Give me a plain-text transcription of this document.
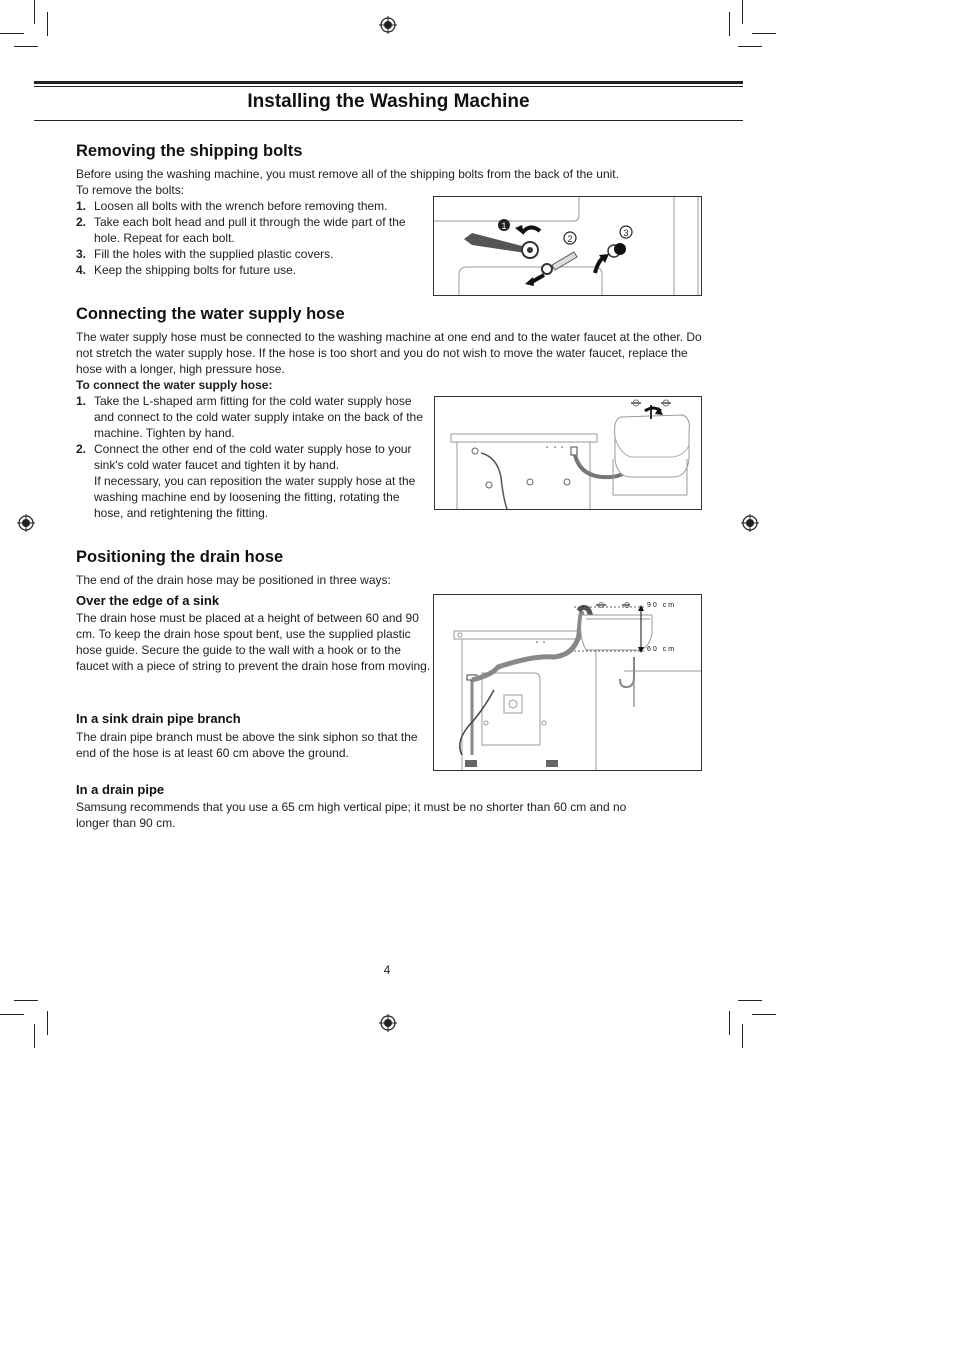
Installing the Washing Machine
Removing the shipping bolts

Before using the washing machine, you must remove all of the shipping bolts from the back of the unit.

To remove the bolts:

1. Loosen all bolts with the wrench before removing them.
2. Take each bolt head and pull it through the wide part of the hole. Repeat for each bolt.
3. Fill the holes with the supplied plastic covers.
4. Keep the shipping bolts for future use.
1
2
3
Connecting the water supply hose

The water supply hose must be connected to the washing machine at one end and to the water faucet at the other. Do not stretch the water supply hose. If the hose is too short and you do not wish to move the water faucet, replace the hose with a longer, high pressure hose.

To connect the water supply hose:

1. Take the L-shaped arm fitting for the cold water supply hose and connect to the cold water supply intake on the back of the machine. Tighten by hand.
2. Connect the other end of the cold water supply hose to your sink's cold water faucet and tighten it by hand.
If necessary, you can reposition the water supply hose at the washing machine end by loosening the fitting, rotating the hose, and retightening the fitting.
Positioning the drain hose

The end of the drain hose may be positioned in three ways:

Over the edge of a sink

The drain hose must be placed at a height of between 60 and 90 cm. To keep the drain hose spout bent, use the supplied plastic hose guide. Secure the guide to the wall with a hook or to the faucet with a piece of string to prevent the drain hose from moving.

In a sink drain pipe branch

The drain pipe branch must be above the sink siphon so that the end of the hose is at least 60 cm above the ground.

In a drain pipe

Samsung recommends that you use a 65 cm high vertical pipe; it must be no shorter than 60 cm and no longer than 90 cm.

90 cm
60 cm
4
